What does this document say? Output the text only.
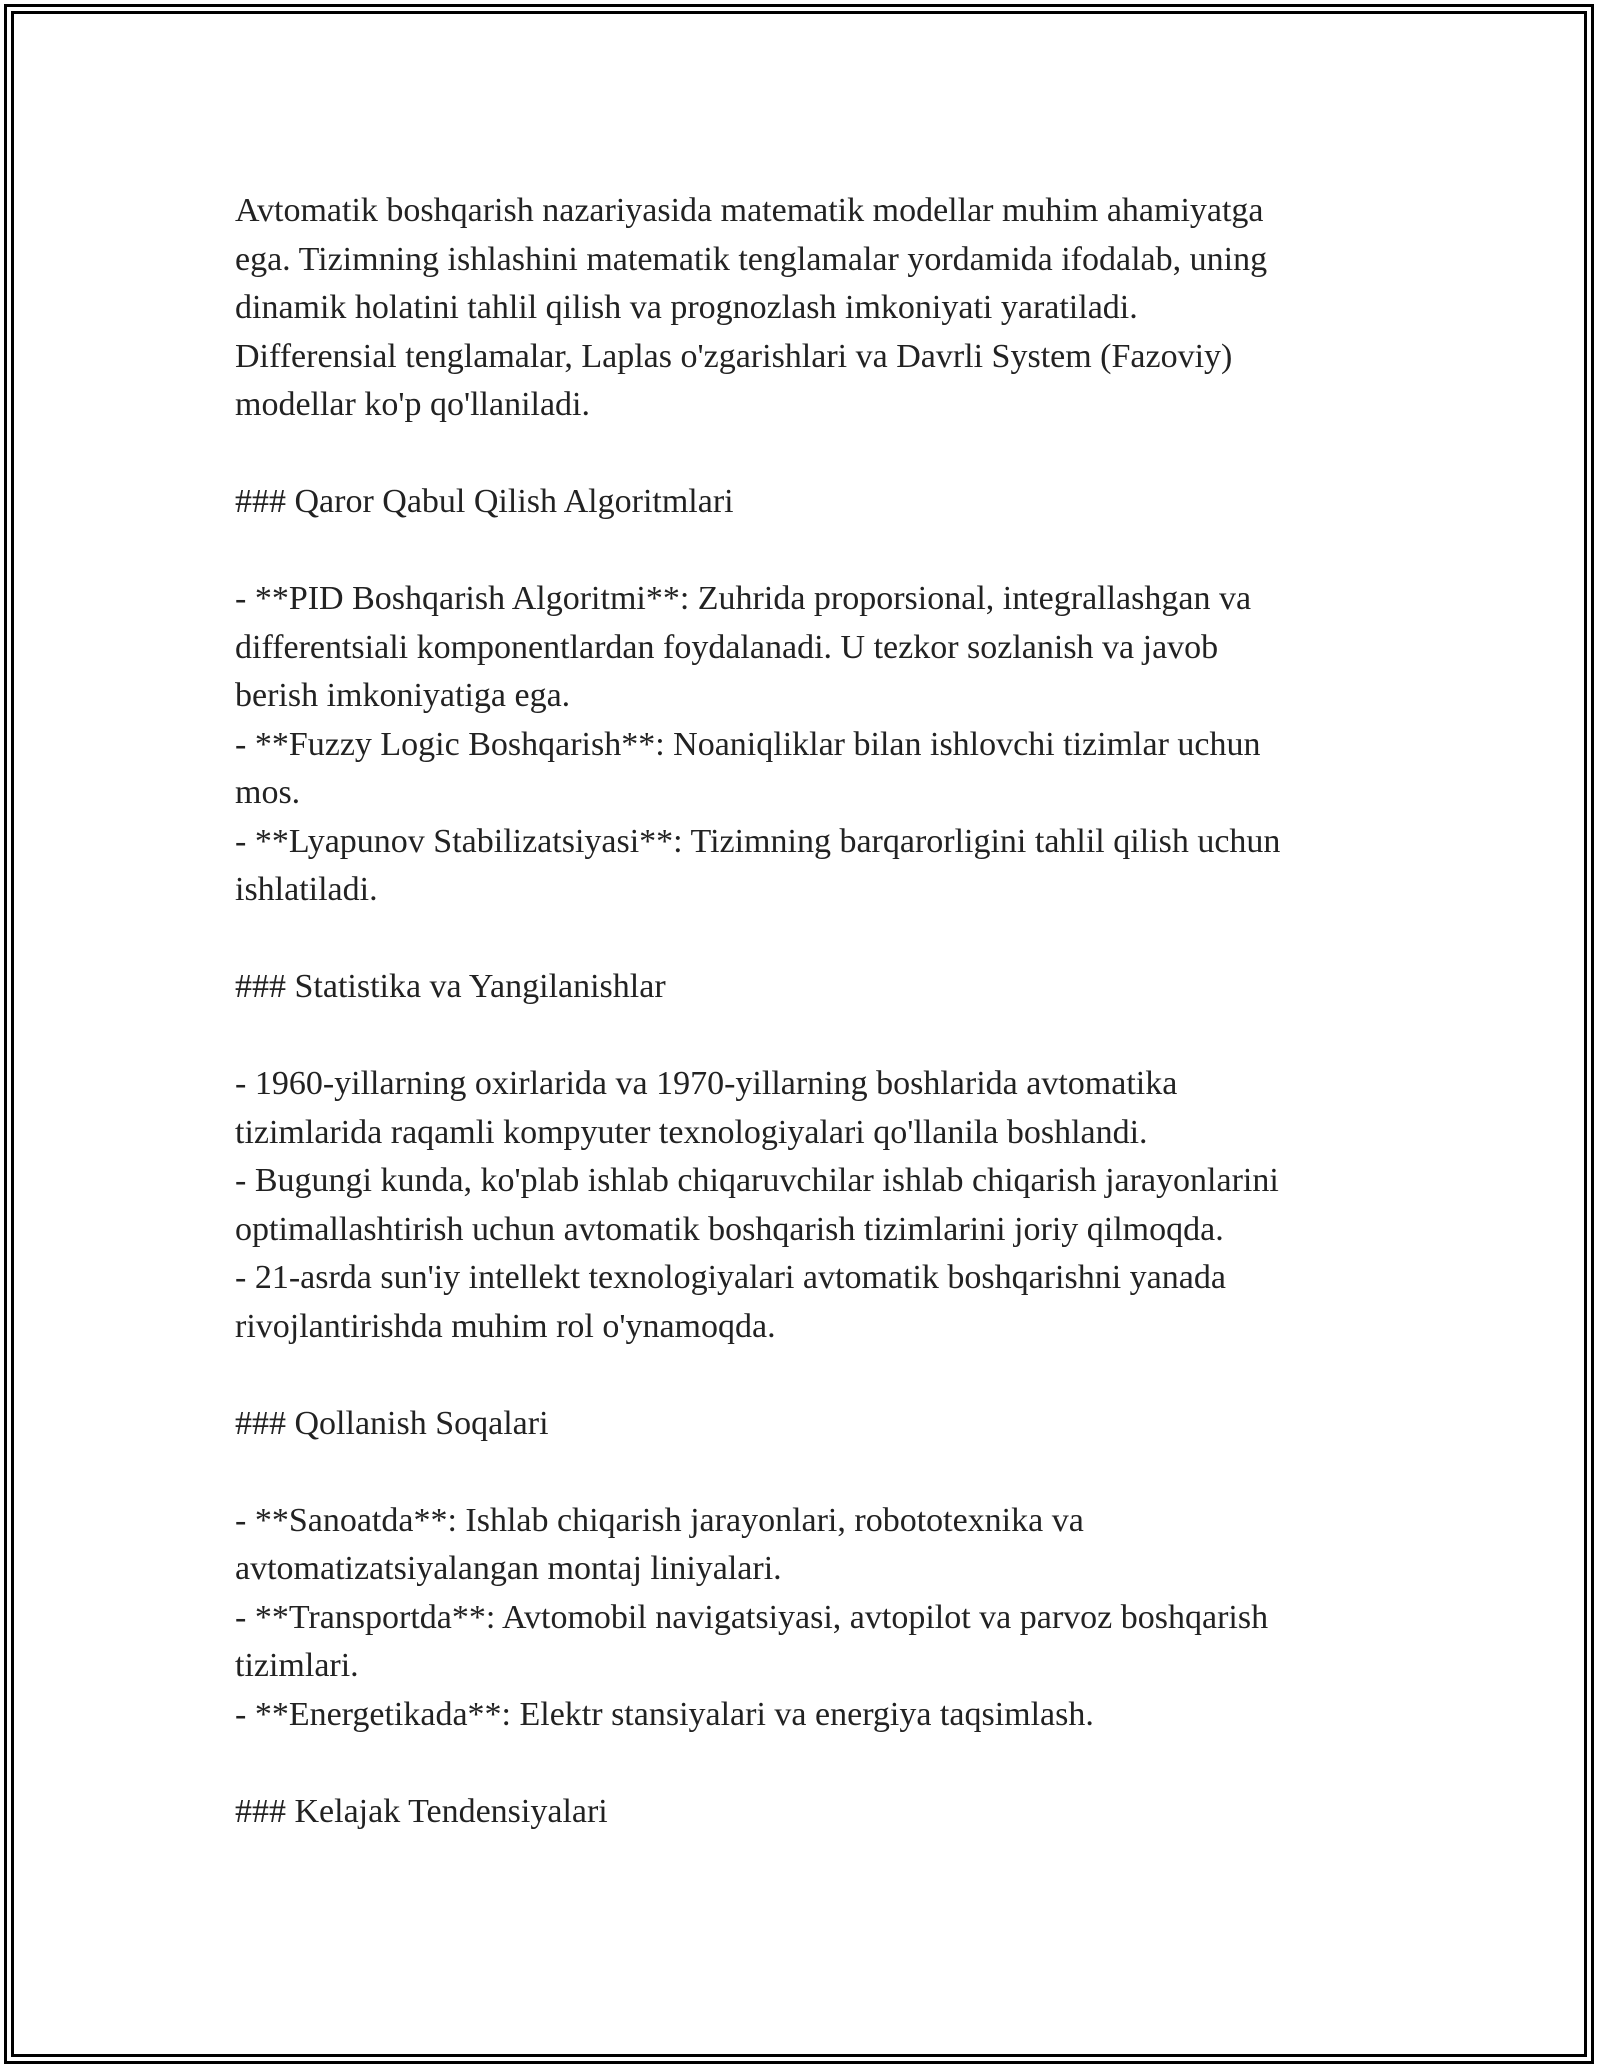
Avtomatik boshqarish nazariyasida matematik modellar muhim ahamiyatga
ega. Tizimning ishlashini matematik tenglamalar yordamida ifodalab, uning
dinamik holatini tahlil qilish va prognozlash imkoniyati yaratiladi.
Differensial tenglamalar, Laplas o'zgarishlari va Davrli System (Fazoviy)
modellar ko'p qo'llaniladi.
### Qaror Qabul Qilish Algoritmlari
- **PID Boshqarish Algoritmi**: Zuhrida proporsional, integrallashgan va
differentsiali komponentlardan foydalanadi. U tezkor sozlanish va javob
berish imkoniyatiga ega.
- **Fuzzy Logic Boshqarish**: Noaniqliklar bilan ishlovchi tizimlar uchun
mos.
- **Lyapunov Stabilizatsiyasi**: Tizimning barqarorligini tahlil qilish uchun
ishlatiladi.
### Statistika va Yangilanishlar
- 1960-yillarning oxirlarida va 1970-yillarning boshlarida avtomatika
tizimlarida raqamli kompyuter texnologiyalari qo'llanila boshlandi.
- Bugungi kunda, ko'plab ishlab chiqaruvchilar ishlab chiqarish jarayonlarini
optimallashtirish uchun avtomatik boshqarish tizimlarini joriy qilmoqda.
- 21-asrda sun'iy intellekt texnologiyalari avtomatik boshqarishni yanada
rivojlantirishda muhim rol o'ynamoqda.
### Qollanish Soqalari
- **Sanoatda**: Ishlab chiqarish jarayonlari, robototexnika va
avtomatizatsiyalangan montaj liniyalari.
- **Transportda**: Avtomobil navigatsiyasi, avtopilot va parvoz boshqarish
tizimlari.
- **Energetikada**: Elektr stansiyalari va energiya taqsimlash.
### Kelajak Tendensiyalari
